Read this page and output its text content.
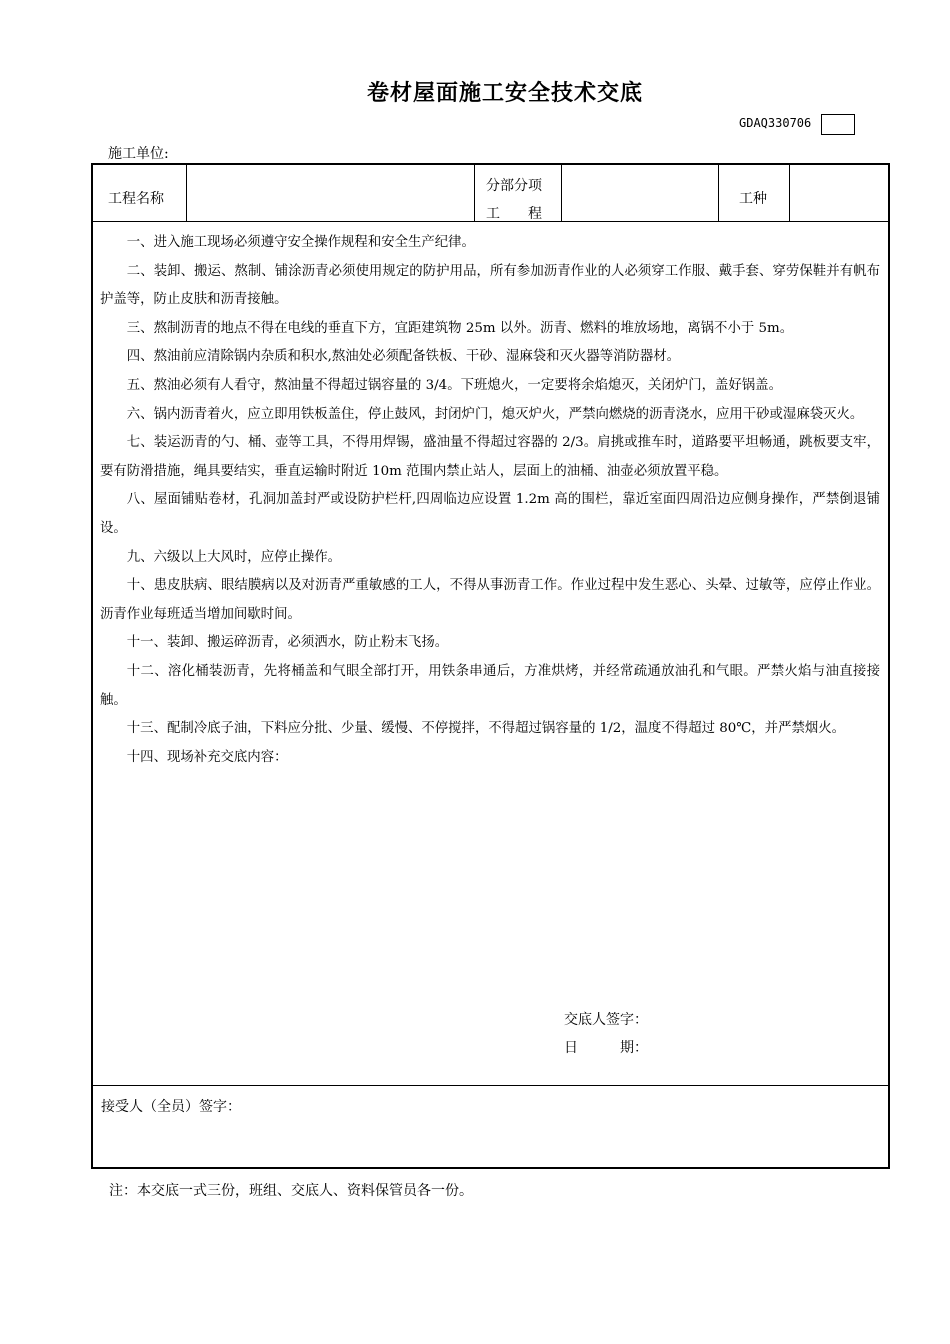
卷材屋面施工安全技术交底
GDAQ330706
施工单位:
工程名称
分部分项
工　　程
工种

一、进入施工现场必须遵守安全操作规程和安全生产纪律。

二、装卸、搬运、熬制、铺涂沥青必须使用规定的防护用品，所有参加沥青作业的人必须穿工作服、戴手套、穿劳保鞋并有帆布护盖等，防止皮肤和沥青接触。

三、熬制沥青的地点不得在电线的垂直下方，宜距建筑物 25m 以外。沥青、燃料的堆放场地，离锅不小于 5m。

四、熬油前应清除锅内杂质和积水,熬油处必须配备铁板、干砂、湿麻袋和灭火器等消防器材。

五、熬油必须有人看守，熬油量不得超过锅容量的 3/4。下班熄火，一定要将余焰熄灭，关闭炉门，盖好锅盖。

六、锅内沥青着火，应立即用铁板盖住，停止鼓风，封闭炉门，熄灭炉火，严禁向燃烧的沥青浇水，应用干砂或湿麻袋灭火。

七、装运沥青的勺、桶、壶等工具，不得用焊锡，盛油量不得超过容器的 2/3。肩挑或推车时，道路要平坦畅通，跳板要支牢，要有防滑措施，绳具要结实，垂直运输时附近 10m 范围内禁止站人，层面上的油桶、油壶必须放置平稳。

八、屋面铺贴卷材，孔洞加盖封严或设防护栏杆,四周临边应设置 1.2m 高的围栏，靠近室面四周沿边应侧身操作，严禁倒退铺设。

九、六级以上大风时，应停止操作。

十、患皮肤病、眼结膜病以及对沥青严重敏感的工人，不得从事沥青工作。作业过程中发生恶心、头晕、过敏等，应停止作业。沥青作业每班适当增加间歇时间。

十一、装卸、搬运碎沥青，必须洒水，防止粉末飞扬。

十二、溶化桶装沥青，先将桶盖和气眼全部打开，用铁条串通后，方准烘烤，并经常疏通放油孔和气眼。严禁火焰与油直接接触。

十三、配制冷底子油，下料应分批、少量、缓慢、不停搅拌，不得超过锅容量的 1/2，温度不得超过 80℃，并严禁烟火。

十四、现场补充交底内容：

交底人签字：
日　　　期：
接受人（全员）签字：
注：本交底一式三份，班组、交底人、资料保管员各一份。
